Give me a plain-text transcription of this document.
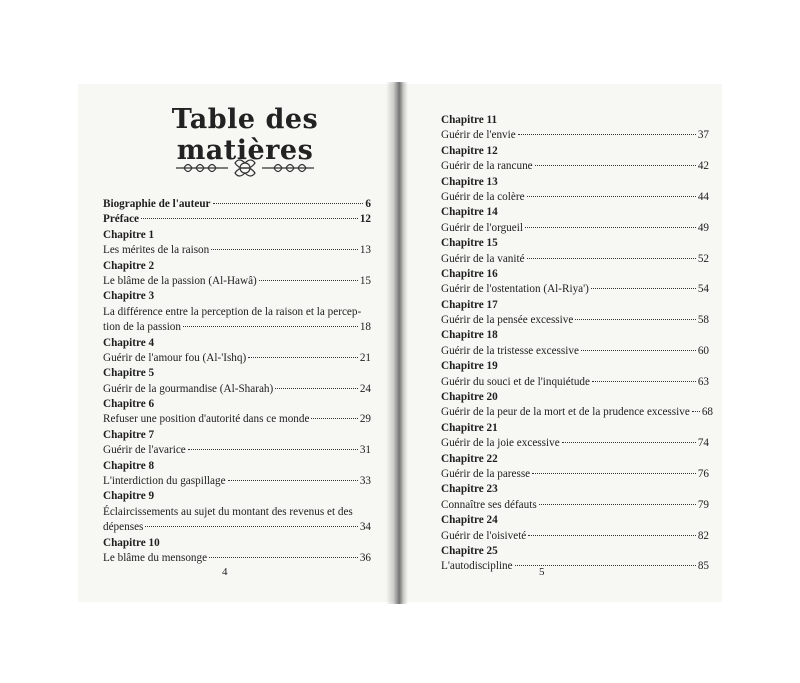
Table des matières
Biographie de l'auteur	6
Préface	12
Chapitre 1
Les mérites de la raison	13
Chapitre 2
Le blâme de la passion (Al-Hawâ)	15
Chapitre 3
La différence entre la perception de la raison et la percep-
tion de la passion	18
Chapitre 4
Guérir de l'amour fou (Al-'Ishq)	21
Chapitre 5
Guérir de la gourmandise (Al-Sharah)	24
Chapitre 6
Refuser une position d'autorité dans ce monde	29
Chapitre 7
Guérir de l'avarice	31
Chapitre 8
L'interdiction du gaspillage	33
Chapitre 9
Éclaircissements au sujet du montant des revenus et des
dépenses	34
Chapitre 10
Le blâme du mensonge	36
Chapitre 11
Guérir de l'envie	37
Chapitre 12
Guérir de la rancune	42
Chapitre 13
Guérir de la colère	44
Chapitre 14
Guérir de l'orgueil	49
Chapitre 15
Guérir de la vanité	52
Chapitre 16
Guérir de l'ostentation (Al-Riya')	54
Chapitre 17
Guérir de la pensée excessive	58
Chapitre 18
Guérir de la tristesse excessive	60
Chapitre 19
Guérir du souci et de l'inquiétude	63
Chapitre 20
Guérir de la peur de la mort et de la prudence excessive 68
Chapitre 21
Guérir de la joie excessive	74
Chapitre 22
Guérir de la paresse	76
Chapitre 23
Connaître ses défauts	79
Chapitre 24
Guérir de l'oisiveté	82
Chapitre 25
L'autodiscipline	85
4	5
